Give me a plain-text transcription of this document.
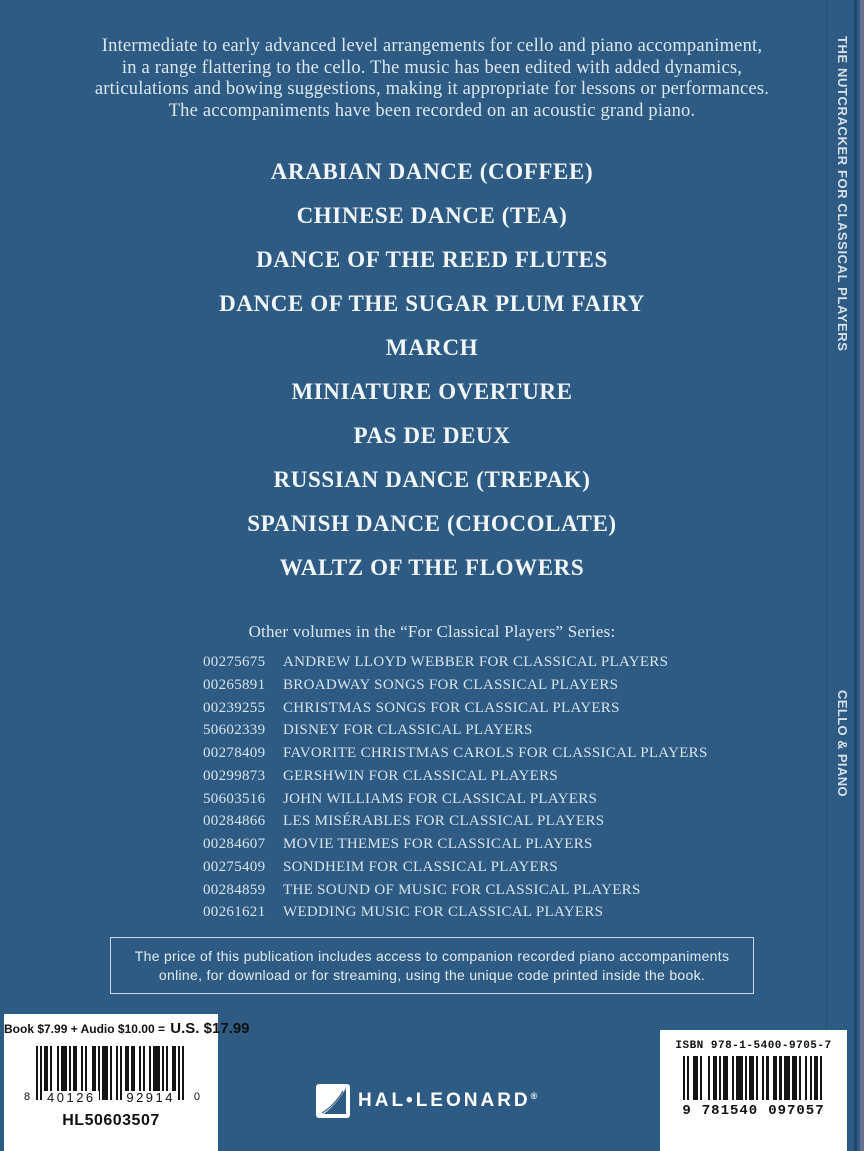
Intermediate to early advanced level arrangements for cello and piano accompaniment,
in a range flattering to the cello. The music has been edited with added dynamics,
articulations and bowing suggestions, making it appropriate for lessons or performances.
The accompaniments have been recorded on an acoustic grand piano.
ARABIAN DANCE (COFFEE)
CHINESE DANCE (TEA)
DANCE OF THE REED FLUTES
DANCE OF THE SUGAR PLUM FAIRY
MARCH
MINIATURE OVERTURE
PAS DE DEUX
RUSSIAN DANCE (TREPAK)
SPANISH DANCE (CHOCOLATE)
WALTZ OF THE FLOWERS
Other volumes in the “For Classical Players” Series:
00275675	ANDREW LLOYD WEBBER FOR CLASSICAL PLAYERS
00265891	BROADWAY SONGS FOR CLASSICAL PLAYERS
00239255	CHRISTMAS SONGS FOR CLASSICAL PLAYERS
50602339	DISNEY FOR CLASSICAL PLAYERS
00278409	FAVORITE CHRISTMAS CAROLS FOR CLASSICAL PLAYERS
00299873	GERSHWIN FOR CLASSICAL PLAYERS
50603516	JOHN WILLIAMS FOR CLASSICAL PLAYERS
00284866	LES MISÉRABLES FOR CLASSICAL PLAYERS
00284607	MOVIE THEMES FOR CLASSICAL PLAYERS
00275409	SONDHEIM FOR CLASSICAL PLAYERS
00284859	THE SOUND OF MUSIC FOR CLASSICAL PLAYERS
00261621	WEDDING MUSIC FOR CLASSICAL PLAYERS
The price of this publication includes access to companion recorded piano accompaniments
online, for download or for streaming, using the unique code printed inside the book.
THE NUTCRACKER FOR CLASSICAL PLAYERS
CELLO & PIANO
Book $7.99 + Audio $10.00 = U.S. $17.99
8 40126 92914 0
HL50603507
HAL•LEONARD®
ISBN 978-1-5400-9705-7
9 781540 097057
